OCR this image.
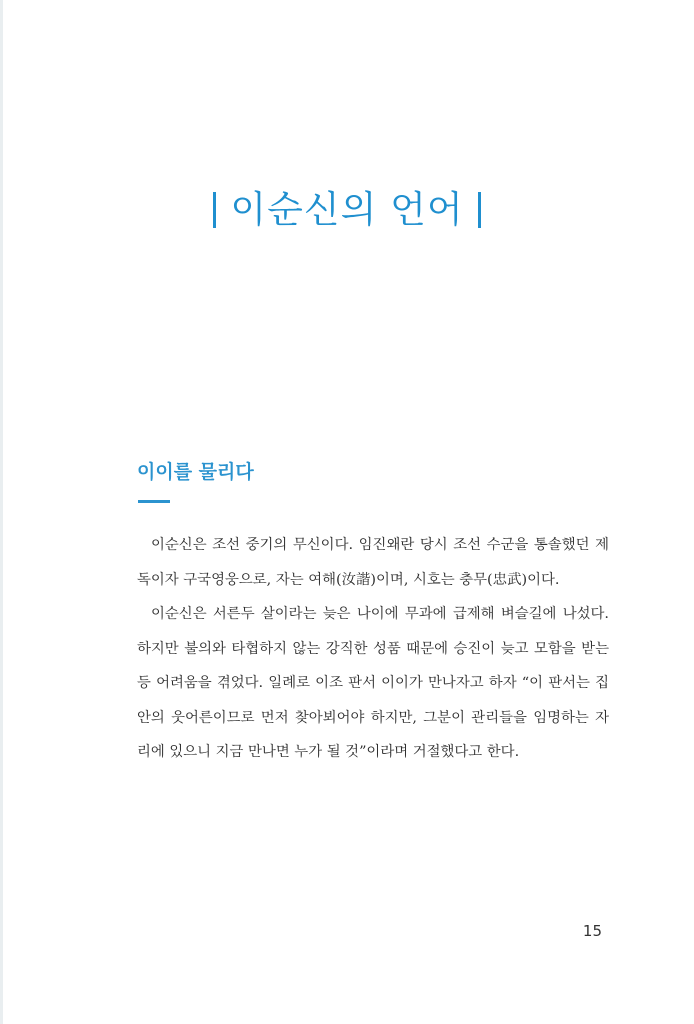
이순신의 언어
이이를 물리다

이순신은 조선 중기의 무신이다. 임진왜란 당시 조선 수군을 통솔했던 제독이자 구국영웅으로, 자는 여해(汝諧)이며, 시호는 충무(忠武)이다.

이순신은 서른두 살이라는 늦은 나이에 무과에 급제해 벼슬길에 나섰다. 하지만 불의와 타협하지 않는 강직한 성품 때문에 승진이 늦고 모함을 받는 등 어려움을 겪었다. 일례로 이조 판서 이이가 만나자고 하자 “이 판서는 집안의 웃어른이므로 먼저 찾아뵈어야 하지만, 그분이 관리들을 임명하는 자리에 있으니 지금 만나면 누가 될 것”이라며 거절했다고 한다.

15
